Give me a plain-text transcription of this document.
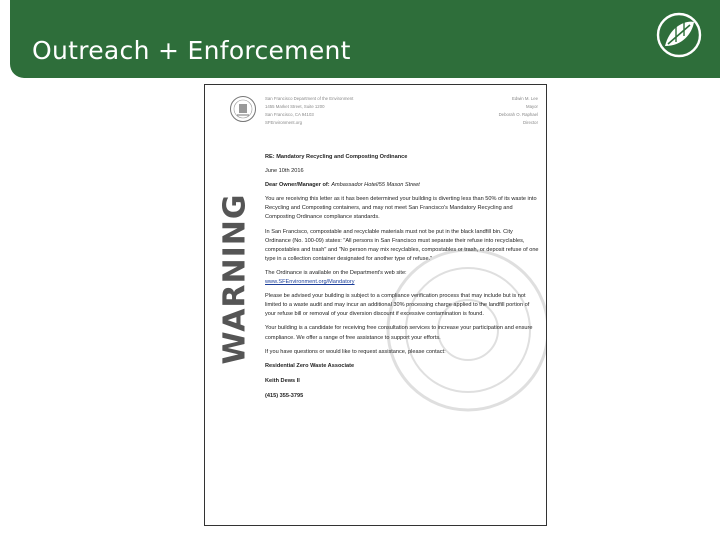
Outreach + Enforcement
San Francisco Department of the Environment
1455 Market Street, Suite 1200
San Francisco, CA 94103
SFEnvironment.org
Edwin M. Lee
Mayor
Deborah O. Raphael
Director
WARNING

RE: Mandatory Recycling and Composting Ordinance

June 10th 2016

Dear Owner/Manager of: Ambassador Hotel/55 Mason Street

You are receiving this letter as it has been determined your building is diverting less than 50% of its waste into Recycling and Composting containers, and may not meet San Francisco's Mandatory Recycling and Composting Ordinance compliance standards.

In San Francisco, compostable and recyclable materials must not be put in the black landfill bin. City Ordinance (No. 100-09) states: "All persons in San Francisco must separate their refuse into recyclables, compostables and trash" and "No person may mix recyclables, compostables or trash, or deposit refuse of one type in a collection container designated for another type of refuse."

The Ordinance is available on the Department's web site:
www.SFEnvironment.org/Mandatory

Please be advised your building is subject to a compliance verification process that may include but is not limited to a waste audit and may incur an additional 30% processing charge applied to the landfill portion of your refuse bill or removal of your diversion discount if excessive contamination is found.

Your building is a candidate for receiving free consultation services to increase your participation and ensure compliance. We offer a range of free assistance to support your efforts.

If you have questions or would like to request assistance, please contact:

Residential Zero Waste Associate
Keith Dews II
(415) 355-3795
